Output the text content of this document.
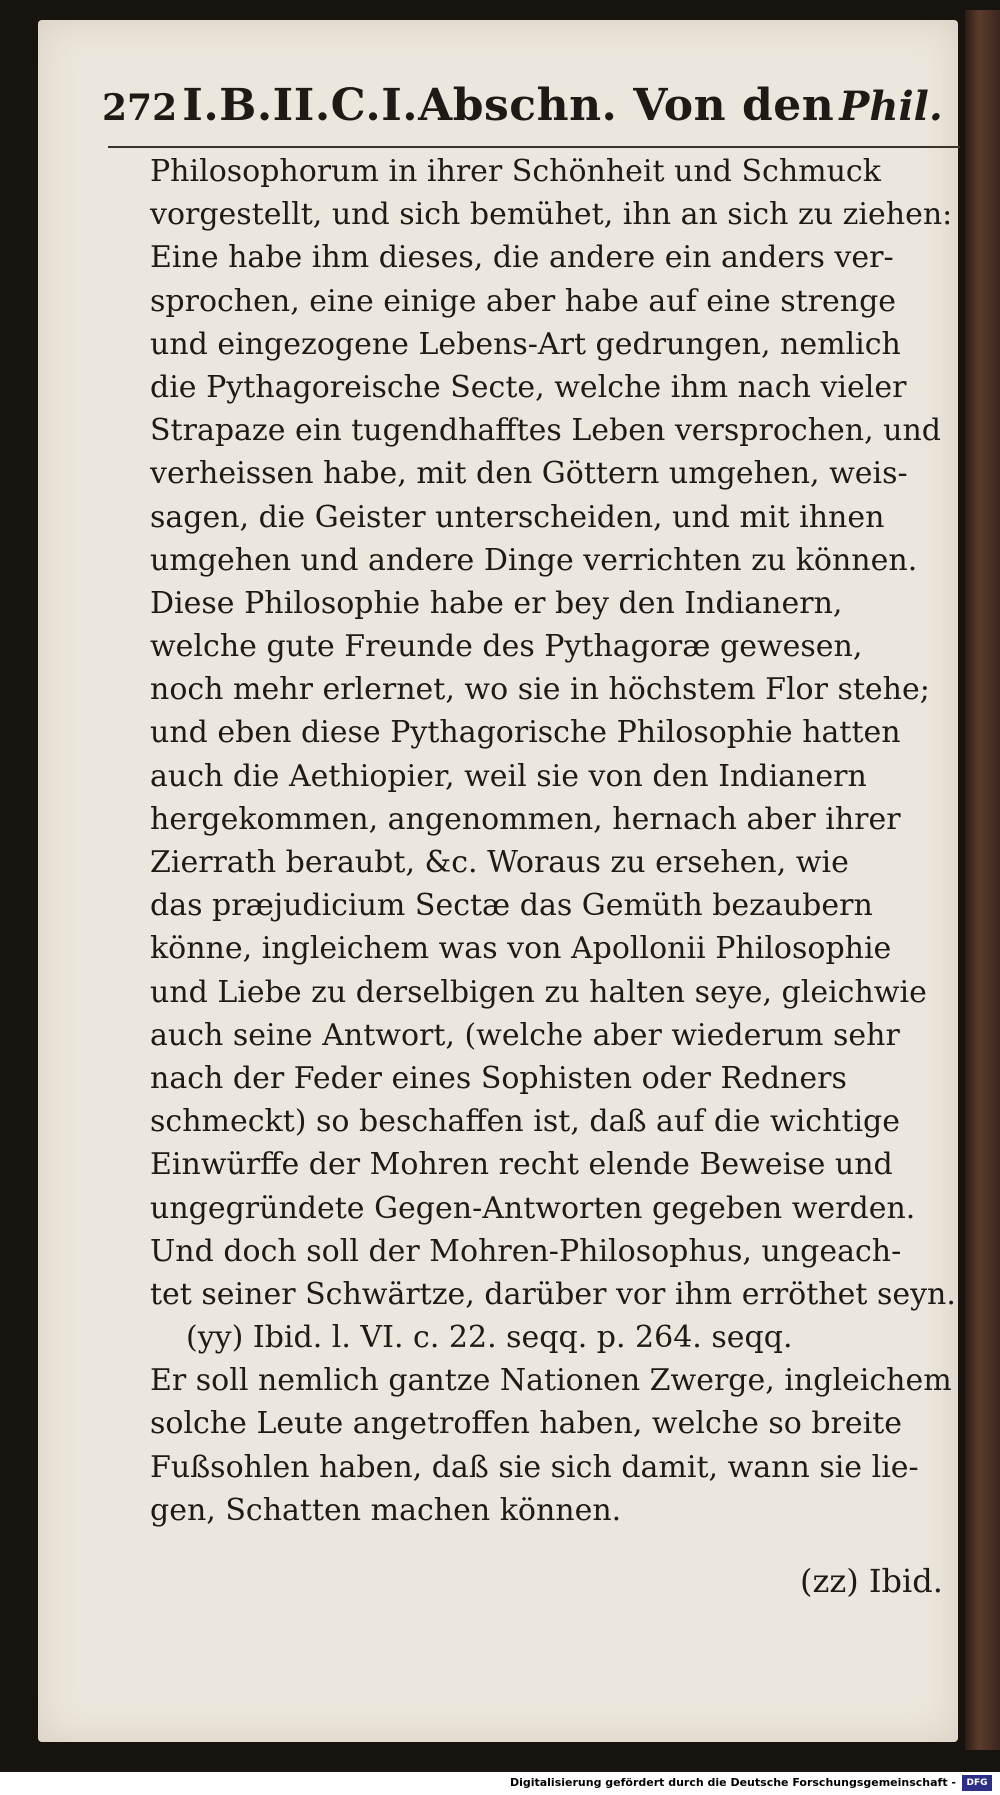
272 I.B.II.C.I.Abschn. Von den Phil.
Philosophorum in ihrer Schönheit und Schmuck
vorgestellt, und sich bemühet, ihn an sich zu ziehen:
Eine habe ihm dieses, die andere ein anders ver-
sprochen, eine einige aber habe auf eine strenge
und eingezogene Lebens-Art gedrungen, nemlich
die Pythagoreische Secte, welche ihm nach vieler
Strapaze ein tugendhafftes Leben versprochen, und
verheissen habe, mit den Göttern umgehen, weis-
sagen, die Geister unterscheiden, und mit ihnen
umgehen und andere Dinge verrichten zu können.
Diese Philosophie habe er bey den Indianern,
welche gute Freunde des Pythagoræ gewesen,
noch mehr erlernet, wo sie in höchstem Flor stehe;
und eben diese Pythagorische Philosophie hatten
auch die Aethiopier, weil sie von den Indianern
hergekommen, angenommen, hernach aber ihrer
Zierrath beraubt, &c. Woraus zu ersehen, wie
das præjudicium Sectæ das Gemüth bezaubern
könne, ingleichem was von Apollonii Philosophie
und Liebe zu derselbigen zu halten seye, gleichwie
auch seine Antwort, (welche aber wiederum sehr
nach der Feder eines Sophisten oder Redners
schmeckt) so beschaffen ist, daß auf die wichtige
Einwürffe der Mohren recht elende Beweise und
ungegründete Gegen-Antworten gegeben werden.
Und doch soll der Mohren-Philosophus, ungeach-
tet seiner Schwärtze, darüber vor ihm erröthet seyn.
(yy) Ibid. l. VI. c. 22. seqq. p. 264. seqq.
Er soll nemlich gantze Nationen Zwerge, ingleichem
solche Leute angetroffen haben, welche so breite
Fußsohlen haben, daß sie sich damit, wann sie lie-
gen, Schatten machen können.
(zz) Ibid.
Digitalisierung gefördert durch die Deutsche Forschungsgemeinschaft -	DFG
